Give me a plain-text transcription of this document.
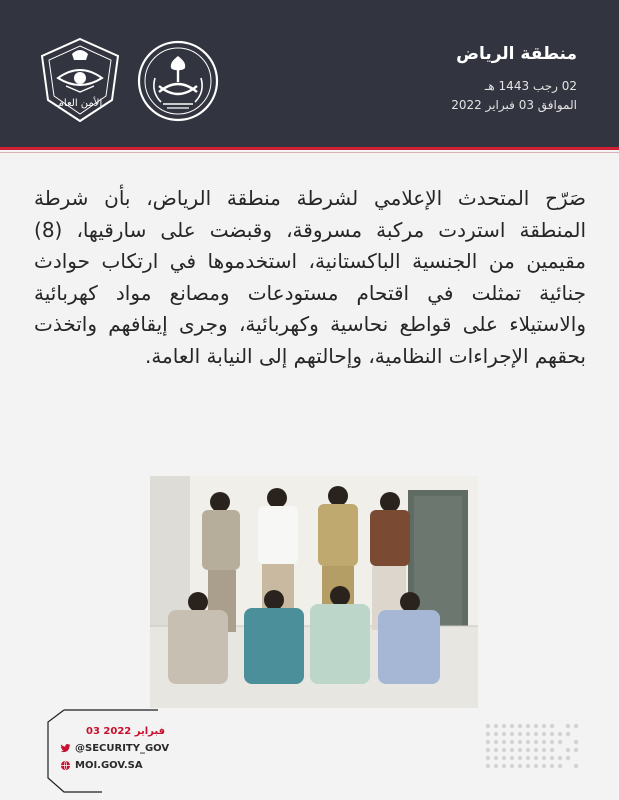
منطقة الرياض
02 رجب 1443 هـ
الموافق 03 فبراير 2022
الأمن العام
صَرّح المتحدث الإعلامي لشرطة منطقة الرياض، بأن شرطة المنطقة استردت مركبة مسروقة، وقبضت على سارقيها، (8) مقيمين من الجنسية الباكستانية، استخدموها في ارتكاب حوادث جنائية تمثلت في اقتحام مستودعات ومصانع مواد كهربائية والاستيلاء على قواطع نحاسية وكهربائية، وجرى إيقافهم واتخذت بحقهم الإجراءات النظامية، وإحالتهم إلى النيابة العامة.
03 فبراير 2022
@SECURITY_GOV
MOI.GOV.SA
